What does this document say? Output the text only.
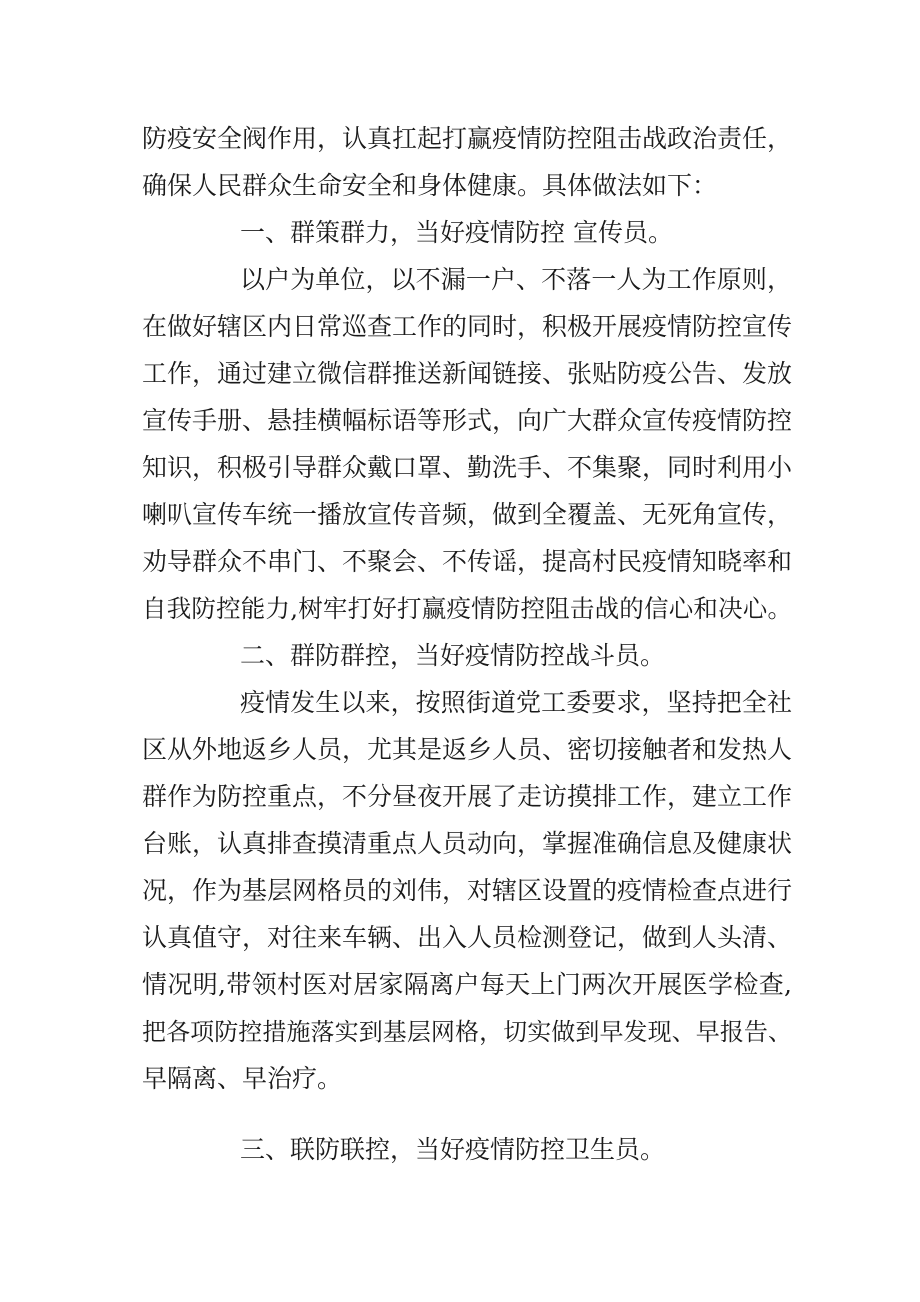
防疫安全阀作用，认真扛起打赢疫情防控阻击战政治责任，

确保人民群众生命安全和身体健康。具体做法如下：

一、群策群力，当好疫情防控 宣传员。

以户为单位，以不漏一户、不落一人为工作原则，

在做好辖区内日常巡查工作的同时，积极开展疫情防控宣传

工作，通过建立微信群推送新闻链接、张贴防疫公告、发放

宣传手册、悬挂横幅标语等形式，向广大群众宣传疫情防控

知识，积极引导群众戴口罩、勤洗手、不集聚，同时利用小

喇叭宣传车统一播放宣传音频，做到全覆盖、无死角宣传，

劝导群众不串门、不聚会、不传谣，提高村民疫情知晓率和

自我防控能力,树牢打好打赢疫情防控阻击战的信心和决心。

二、群防群控，当好疫情防控战斗员。

疫情发生以来，按照街道党工委要求，坚持把全社

区从外地返乡人员，尤其是返乡人员、密切接触者和发热人

群作为防控重点，不分昼夜开展了走访摸排工作，建立工作

台账，认真排查摸清重点人员动向，掌握准确信息及健康状

况，作为基层网格员的刘伟，对辖区设置的疫情检查点进行

认真值守，对往来车辆、出入人员检测登记，做到人头清、

情况明,带领村医对居家隔离户每天上门两次开展医学检查,

把各项防控措施落实到基层网格，切实做到早发现、早报告、

早隔离、早治疗。

三、联防联控，当好疫情防控卫生员。
